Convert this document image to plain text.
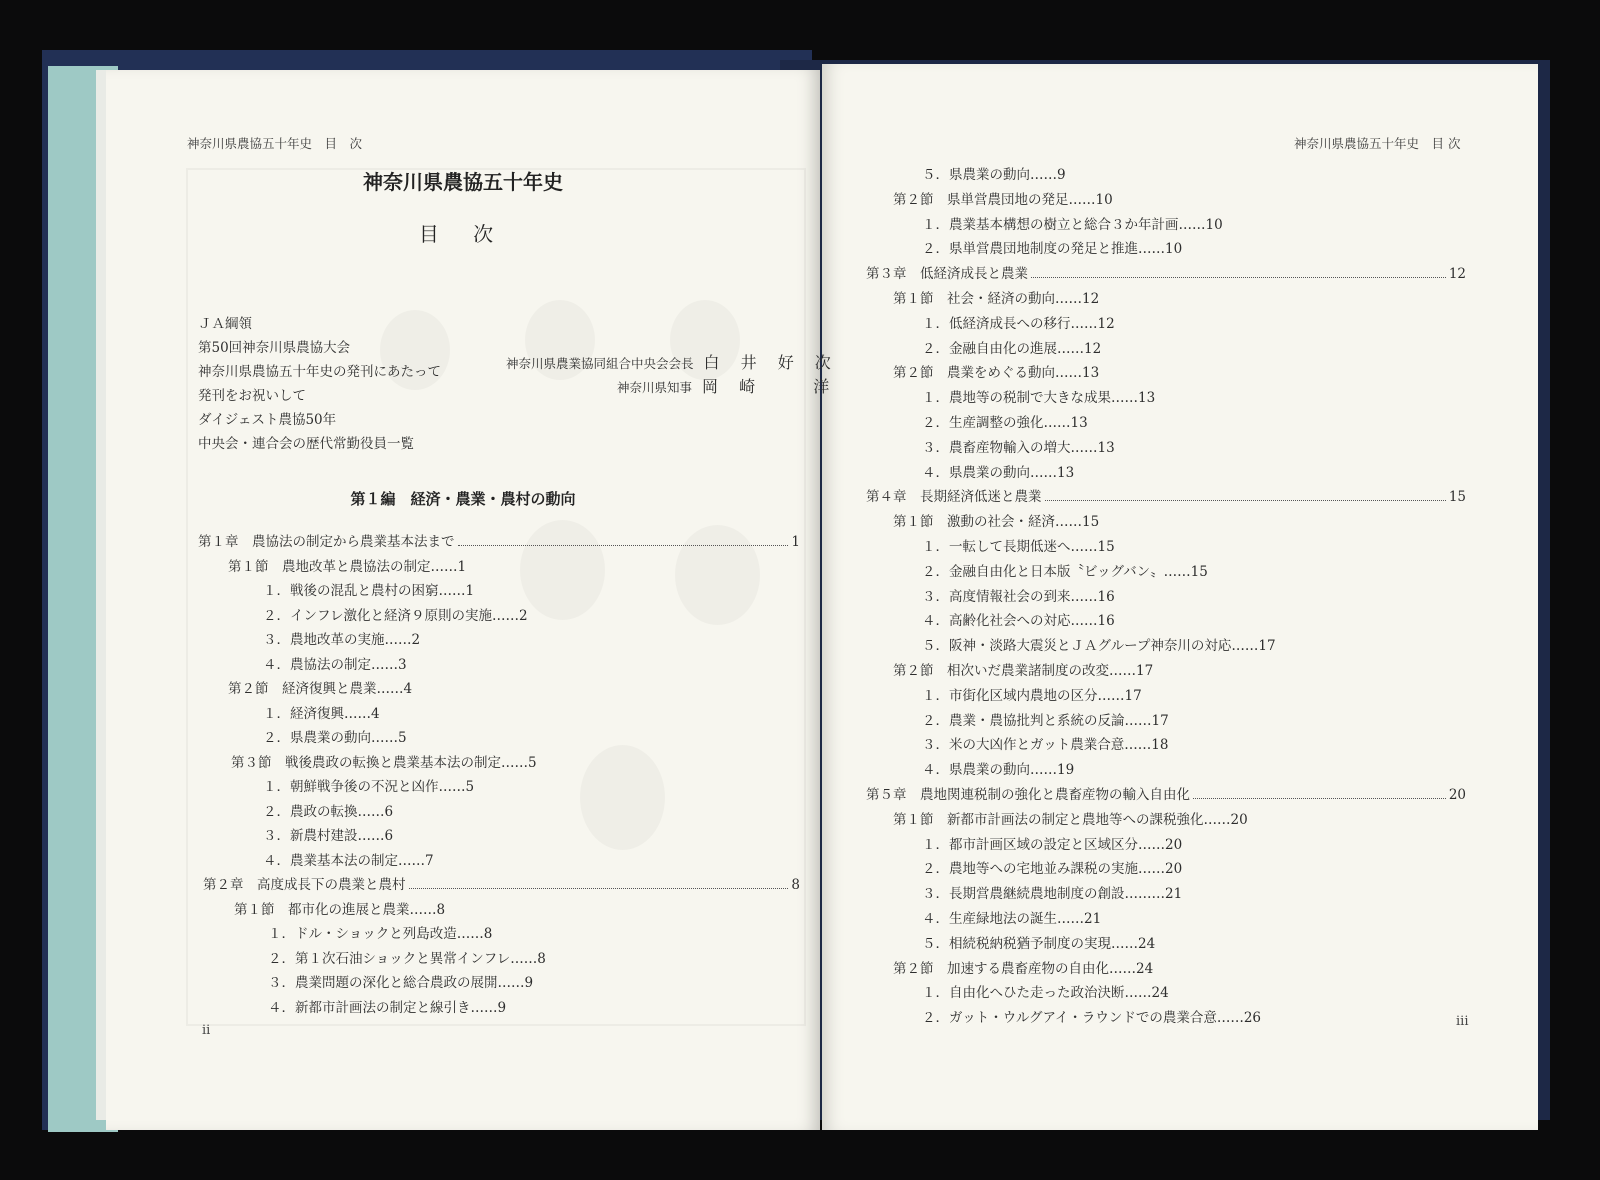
神奈川県農協五十年史　目　次
神奈川県農協五十年史
目 次
ＪＡ綱領
第50回神奈川県農協大会
神奈川県農協五十年史の発刊にあたって
発刊をお祝いして
ダイジェスト農協50年
中央会・連合会の歴代常勤役員一覧
神奈川県農業協同組合中央会会長 白 井 好 次
神奈川県知事 岡 崎 　 洋
第１編　経済・農業・農村の動向
第１章　農協法の制定から農業基本法まで	1
第１節　農地改革と農協法の制定……1
１．戦後の混乱と農村の困窮……1
２．インフレ激化と経済９原則の実施……2
３．農地改革の実施……2
４．農協法の制定……3
第２節　経済復興と農業……4
１．経済復興……4
２．県農業の動向……5
第３節　戦後農政の転換と農業基本法の制定……5
１．朝鮮戦争後の不況と凶作……5
２．農政の転換……6
３．新農村建設……6
４．農業基本法の制定……7
第２章　高度成長下の農業と農村	8
第１節　都市化の進展と農業……8
１．ドル・ショックと列島改造……8
２．第１次石油ショックと異常インフレ……8
３．農業問題の深化と総合農政の展開……9
４．新都市計画法の制定と線引き……9
ii
神奈川県農協五十年史　目 次
５．県農業の動向……9
第２節　県単営農団地の発足……10
１．農業基本構想の樹立と総合３か年計画……10
２．県単営農団地制度の発足と推進……10
第３章　低経済成長と農業	12
第１節　社会・経済の動向……12
１．低経済成長への移行……12
２．金融自由化の進展……12
第２節　農業をめぐる動向……13
１．農地等の税制で大きな成果……13
２．生産調整の強化……13
３．農畜産物輸入の増大……13
４．県農業の動向……13
第４章　長期経済低迷と農業	15
第１節　激動の社会・経済……15
１．一転して長期低迷へ……15
２．金融自由化と日本版〝ビッグバン〟……15
３．高度情報社会の到来……16
４．高齢化社会への対応……16
５．阪神・淡路大震災とＪＡグループ神奈川の対応……17
第２節　相次いだ農業諸制度の改変……17
１．市街化区域内農地の区分……17
２．農業・農協批判と系統の反論……17
３．米の大凶作とガット農業合意……18
４．県農業の動向……19
第５章　農地関連税制の強化と農畜産物の輸入自由化	20
第１節　新都市計画法の制定と農地等への課税強化……20
１．都市計画区域の設定と区域区分……20
２．農地等への宅地並み課税の実施……20
３．長期営農継続農地制度の創設………21
４．生産緑地法の誕生……21
５．相続税納税猶予制度の実現……24
第２節　加速する農畜産物の自由化……24
１．自由化へひた走った政治決断……24
２．ガット・ウルグアイ・ラウンドでの農業合意……26	iii
